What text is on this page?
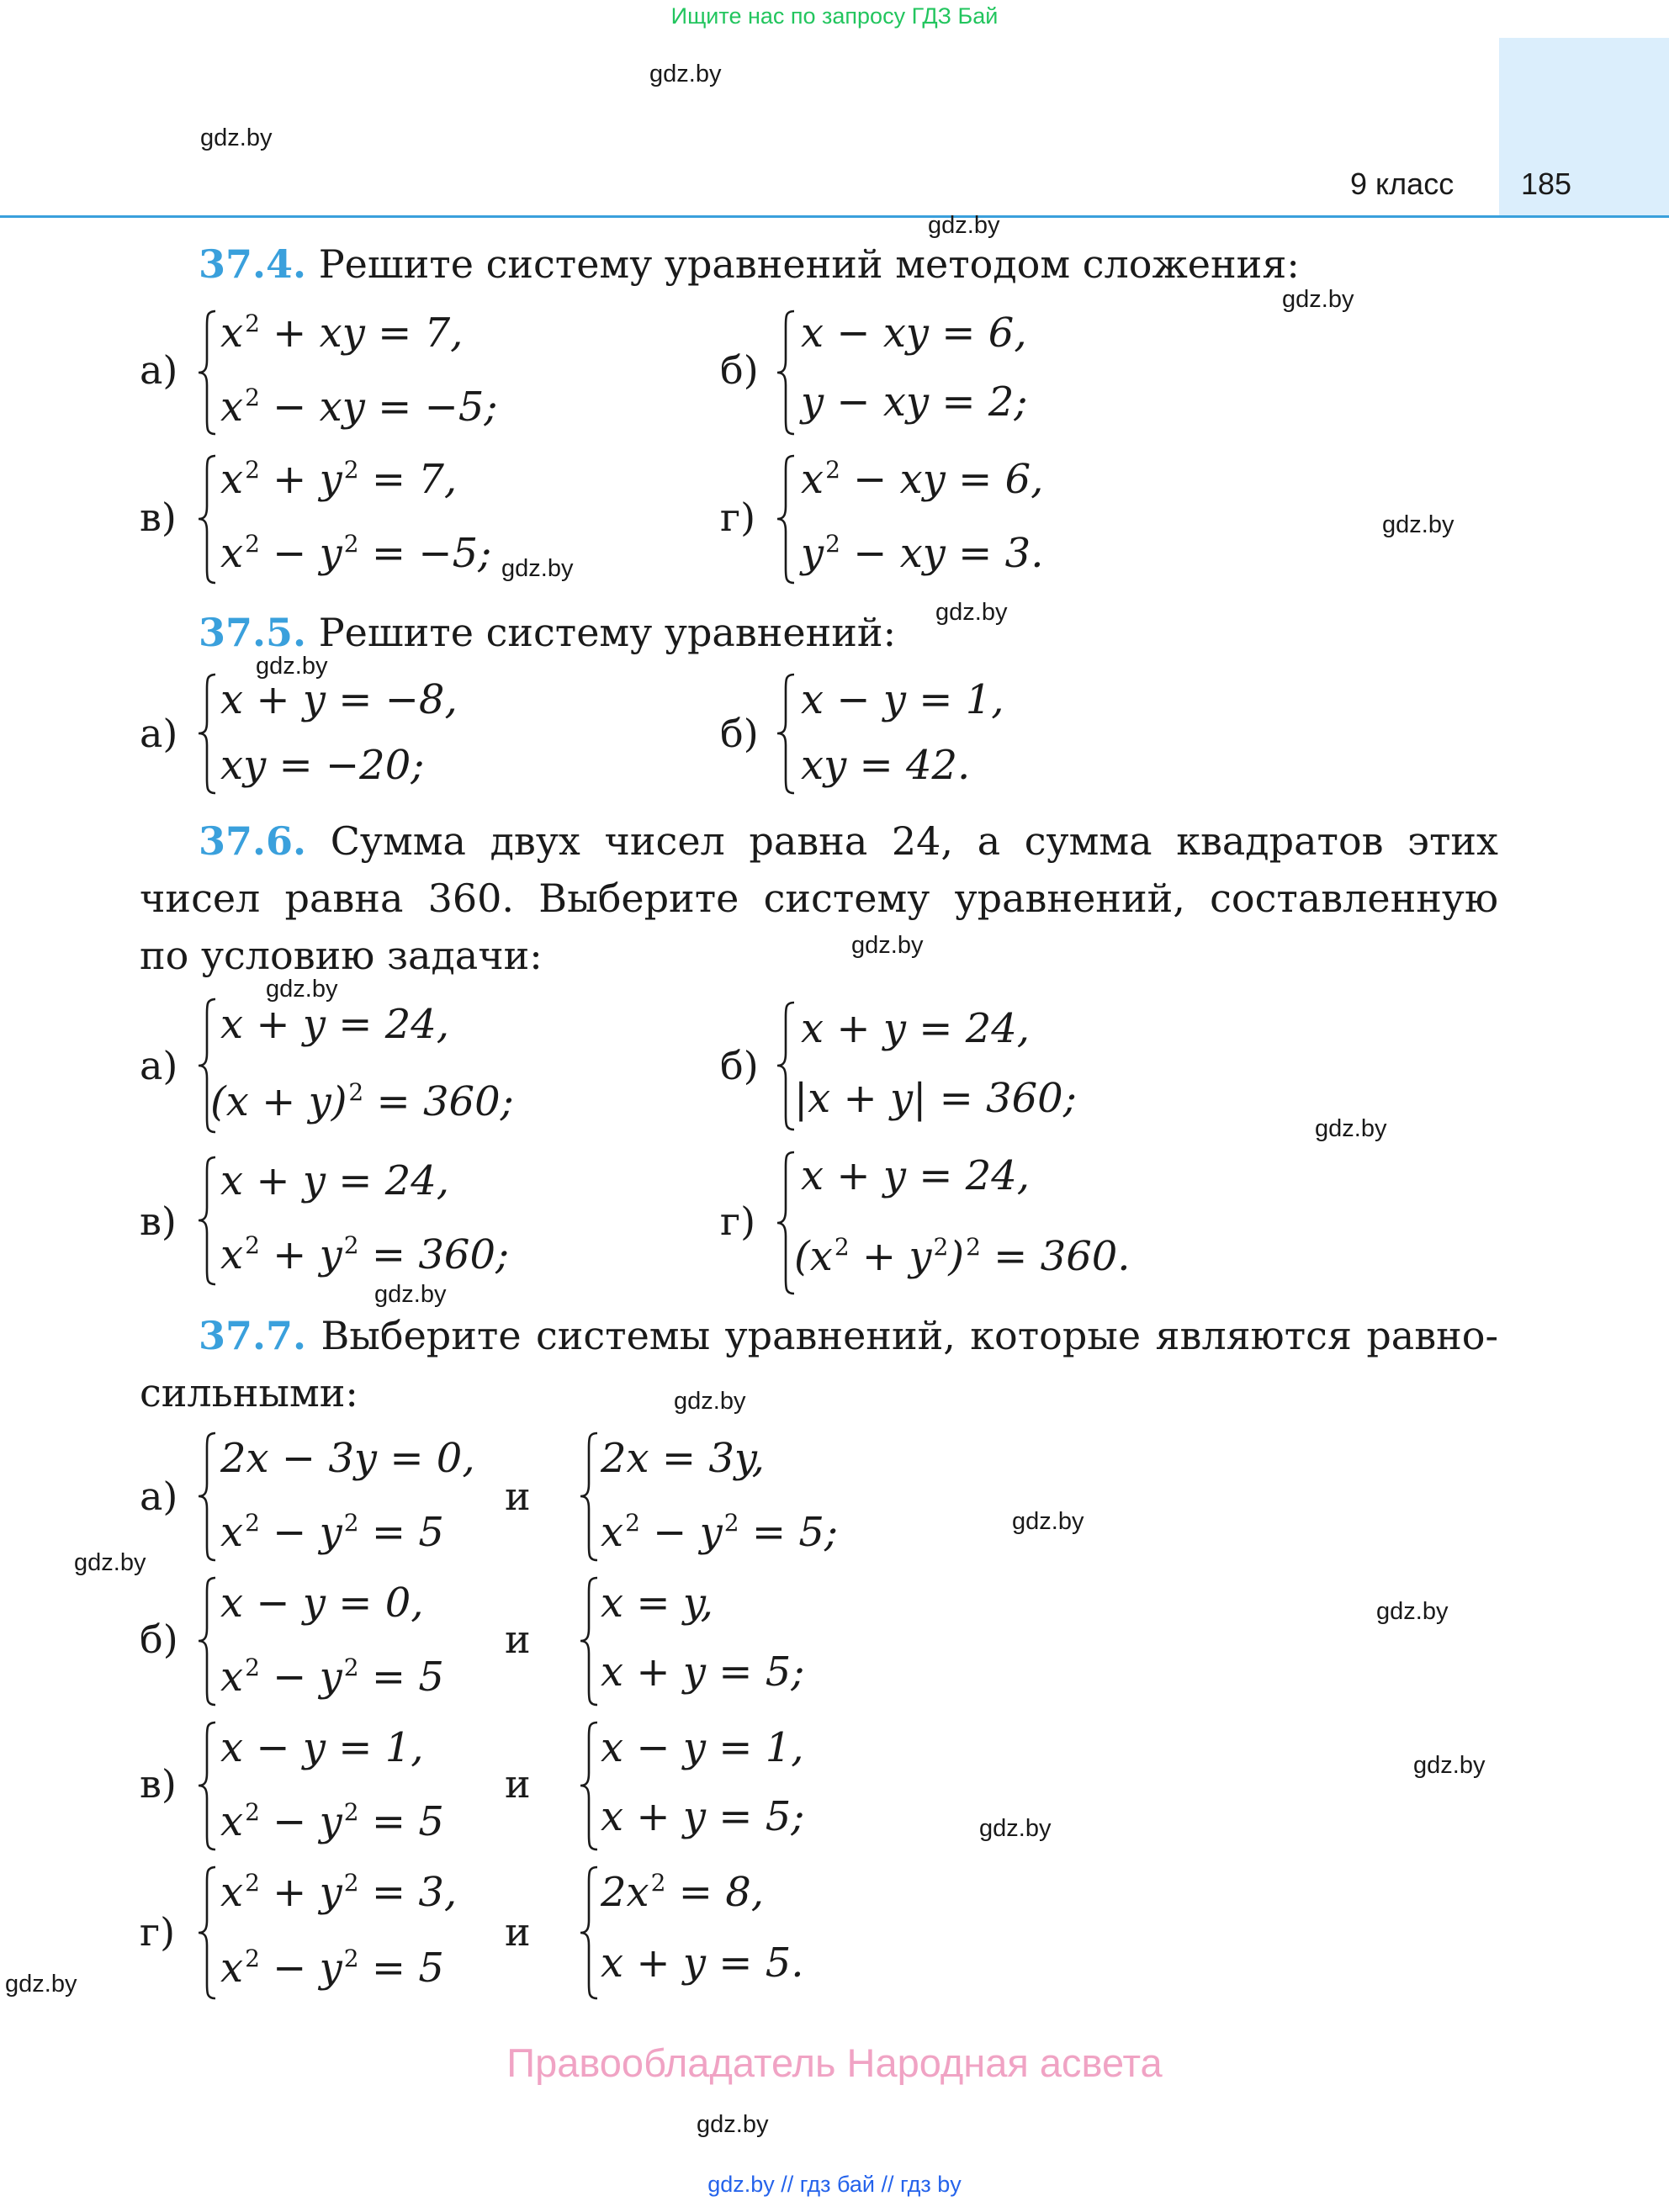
Ищите нас по запросу ГДЗ Бай
9 класс 185
gdz.by
gdz.by
gdz.by
gdz.by
gdz.by
gdz.by
gdz.by
gdz.by
gdz.by
gdz.by
gdz.by
gdz.by
gdz.by
gdz.by
gdz.by
gdz.by
gdz.by
gdz.by
gdz.by
gdz.by
37.4. Решите систему уравнений методом сложения:
а)
$x^2$ + xy = 7,
$x^2$ − xy = −5;
б)
x − xy = 6,
y − xy = 2;
в)
$x^2 + y^2 = 7$,
$x^2 - y^2 = -5$;
г)
$x^2$ − xy = 6,
$y^2$ − xy = 3.
37.5. Решите систему уравнений:
а)
x + y = −8,
xy = −20;
б)
x − y = 1,
xy = 42.
37.6. Сумма двух чисел равна 24, а сумма квадратов этих
чисел равна 360. Выберите систему уравнений, составленную
по условию задачи:
а)
x + y = 24,
$(x + y)^2 = 360$;
б)
x + y = 24,
|x + y| = 360;
в)
x + y = 24,
$x^2 + y^2 = 360$;
г)
x + y = 24,
$(x^2 + y^2)^2 = 360$.
37.7. Выберите системы уравнений, которые являются равно-
сильными:
а)
2x − 3y = 0,
$x^2 - y^2 = 5$
и
2x = 3y,
$x^2 - y^2 = 5$;
б)
x − y = 0,
$x^2 - y^2 = 5$
и
x = y,
x + y = 5;
в)
x − y = 1,
$x^2 - y^2 = 5$
и
x − y = 1,
x + y = 5;
г)
$x^2 + y^2 = 3$,
$x^2 - y^2 = 5$
и
$2x^2 = 8$,
x + y = 5.
Правообладатель Народная асвета
gdz.by // гдз бай // гдз by
